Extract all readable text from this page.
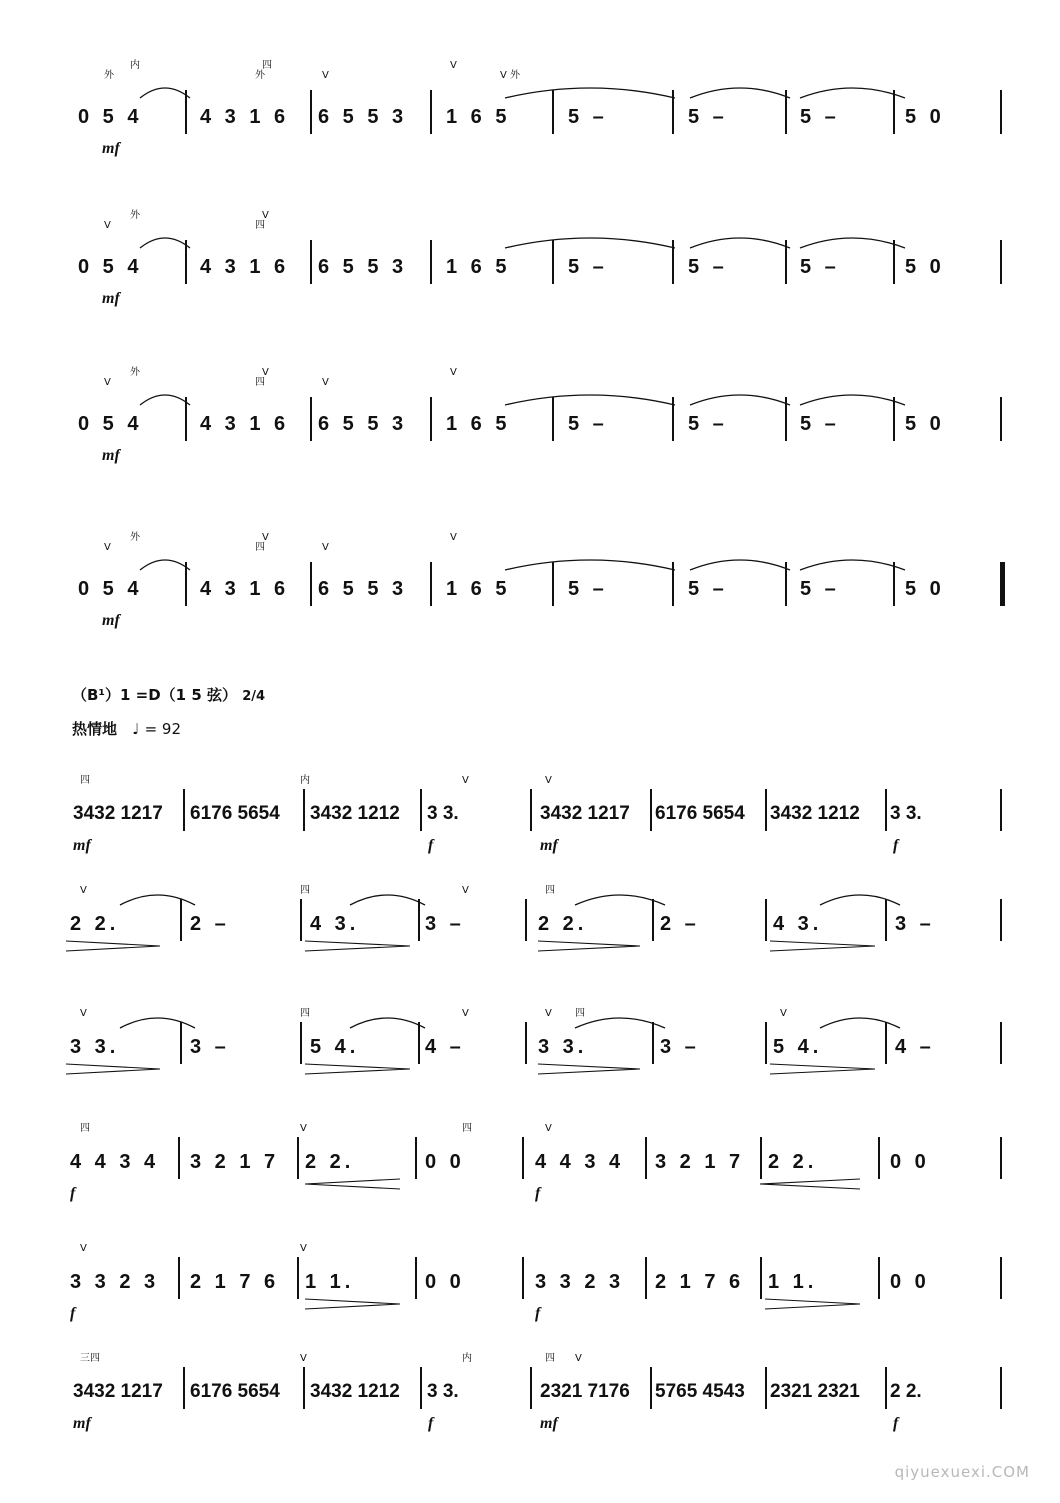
0 5 4	4 3 1 6 6 5 5 3 1 6 5	5 –	5 –	5 –	5 0
mf
外
内
外
四
V
V
V 外
0 5 4	4 3 1 6 6 5 5 3 1 6 5	5 –	5 –	5 –	5 0
mf
V
外
四
V
0 5 4	4 3 1 6 6 5 5 3 1 6 5	5 –	5 –	5 –	5 0
mf
V
外
四
V
V
V
0 5 4	4 3 1 6 6 5 5 3 1 6 5	5 –	5 –	5 –	5 0
mf
V
外
四
V
V
V
（B¹）1 =D（1 5 弦） 2/4
热情地 ♩ = 92
3432 1217 6176 5654 3432 1212 3 3.	3432 1217 6176 5654 3432 1212 3 3.
mf	f	mf	f
四	内	V	V
2 2.	2 –	4 3.	3 –	2 2.	2 –	4 3.	3 –
V	四	V	四
3 3.	3 –	5 4.	4 –	3 3.	3 –	5 4.	4 –
V	四	V	V 四	V
4 4 3 4 3 2 1 7 2 2.	0 0	4 4 3 4 3 2 1 7 2 2.	0 0
f	f
四	V	四	V
3 3 2 3 2 1 7 6 1 1.	0 0	3 3 2 3 2 1 7 6 1 1.	0 0
f	f
V	V
3432 1217 6176 5654 3432 1212 3 3.	2321 7176 5765 4543 2321 2321 2 2.
mf	f	mf	f
三四	V	内	四 V
qiyuexuexi.COM
